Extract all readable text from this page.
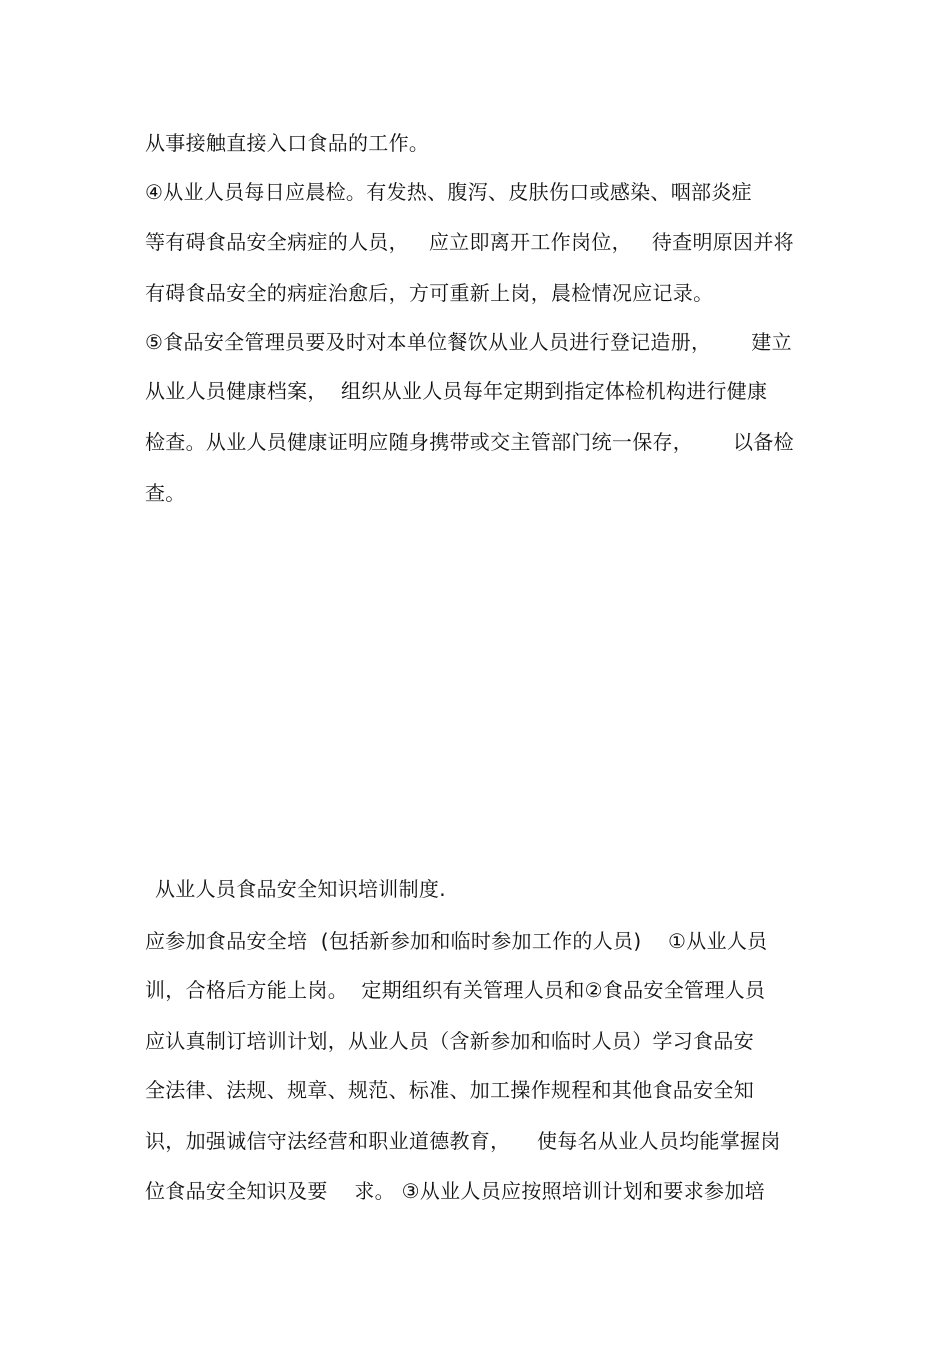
从事接触直接入口食品的工作。
④从业人员每日应晨检。有发热、腹泻、皮肤伤口或感染、咽部炎症
等有碍食品安全病症的人员，   应立即离开工作岗位，   待查明原因并将
有碍食品安全的病症治愈后，方可重新上岗，晨检情况应记录。
⑤食品安全管理员要及时对本单位餐饮从业人员进行登记造册，      建立
从业人员健康档案，  组织从业人员每年定期到指定体检机构进行健康
检查。从业人员健康证明应随身携带或交主管部门统一保存，      以备检
查。
从业人员食品安全知识培训制度.
应参加食品安全培  (包括新参加和临时参加工作的人员)    ①从业人员
训，合格后方能上岗。  定期组织有关管理人员和②食品安全管理人员
应认真制订培训计划，从业人员（含新参加和临时人员）学习食品安
全法律、法规、规章、规范、标准、加工操作规程和其他食品安全知
识，加强诚信守法经营和职业道德教育，    使每名从业人员均能掌握岗
位食品安全知识及要    求。 ③从业人员应按照培训计划和要求参加培
